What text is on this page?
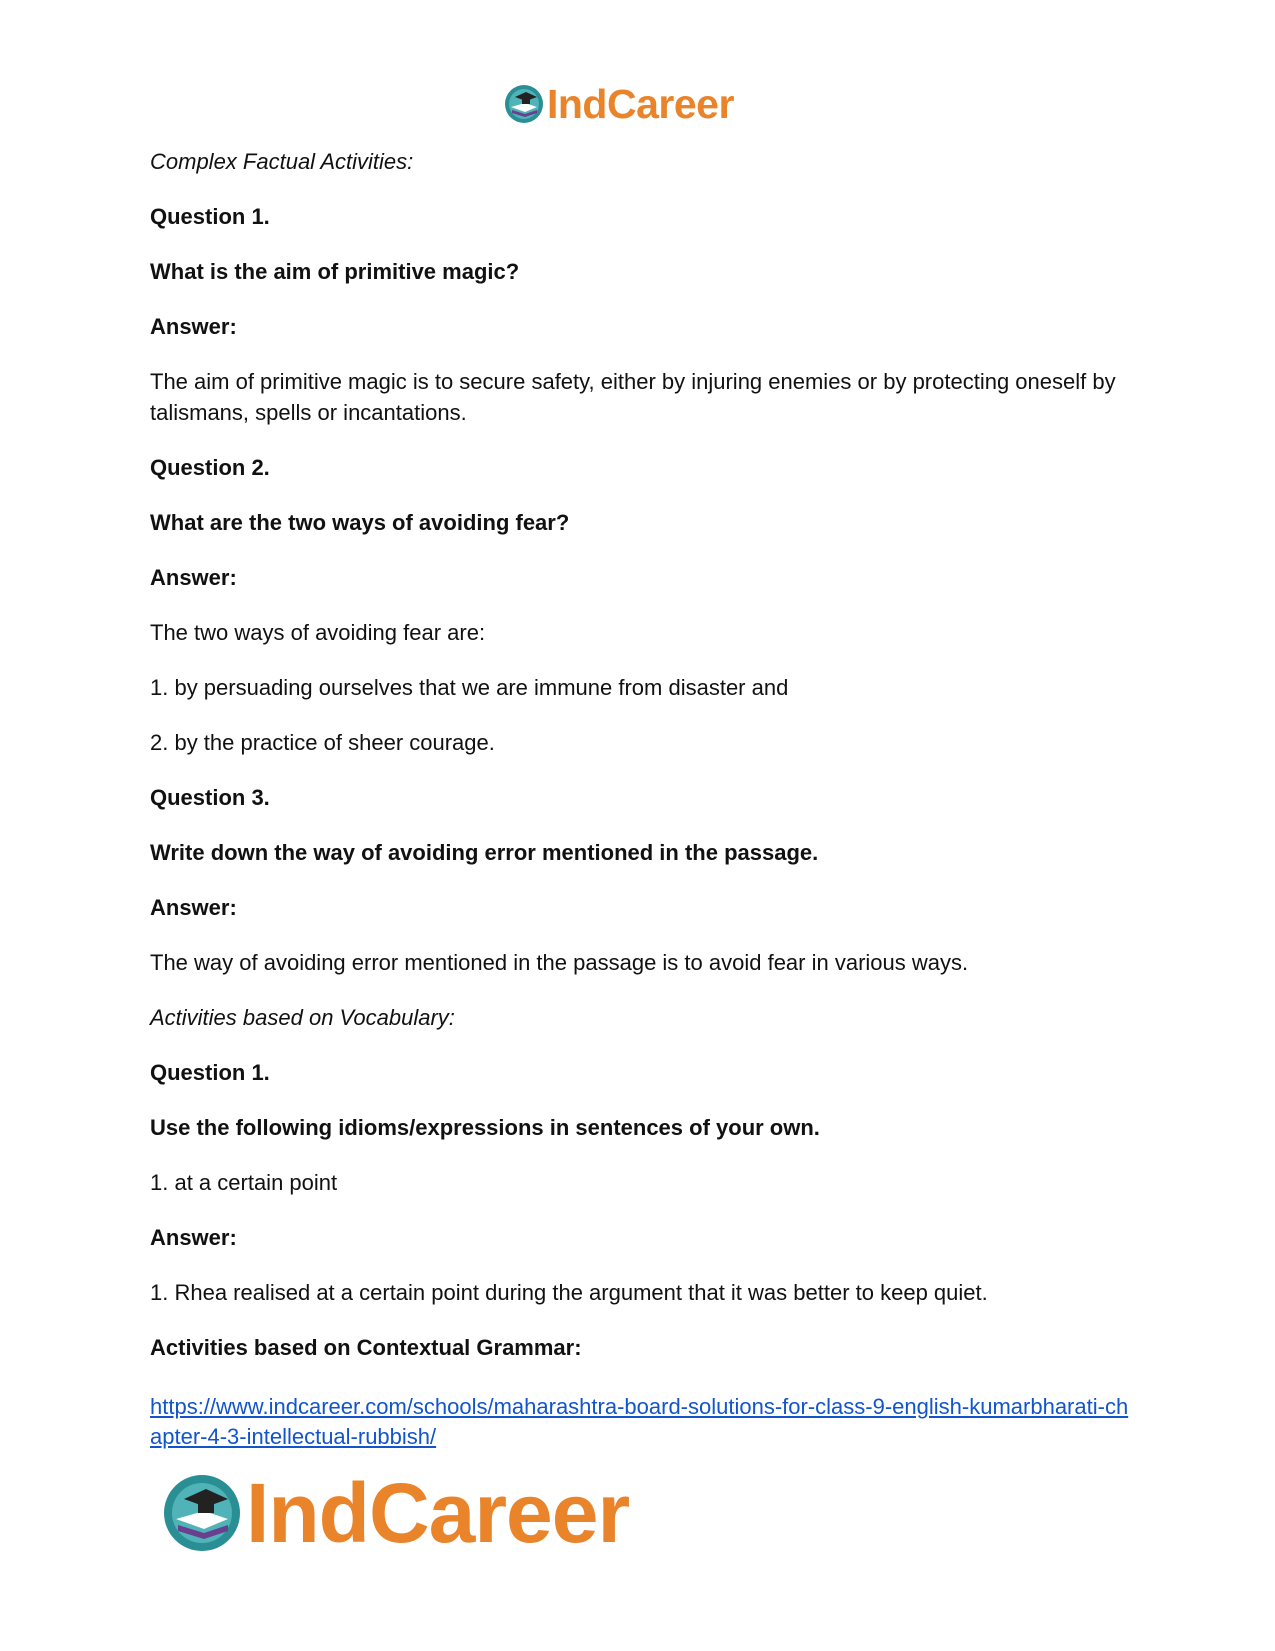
IndCareer

Complex Factual Activities:

Question 1.

What is the aim of primitive magic?

Answer:

The aim of primitive magic is to secure safety, either by injuring enemies or by protecting oneself by talismans, spells or incantations.

Question 2.

What are the two ways of avoiding fear?

Answer:

The two ways of avoiding fear are:

1. by persuading ourselves that we are immune from disaster and

2. by the practice of sheer courage.

Question 3.

Write down the way of avoiding error mentioned in the passage.

Answer:

The way of avoiding error mentioned in the passage is to avoid fear in various ways.

Activities based on Vocabulary:

Question 1.

Use the following idioms/expressions in sentences of your own.

1. at a certain point

Answer:

1. Rhea realised at a certain point during the argument that it was better to keep quiet.

Activities based on Contextual Grammar:

https://www.indcareer.com/schools/maharashtra-board-solutions-for-class-9-english-kumarbharati-chapter-4-3-intellectual-rubbish/
IndCareer
